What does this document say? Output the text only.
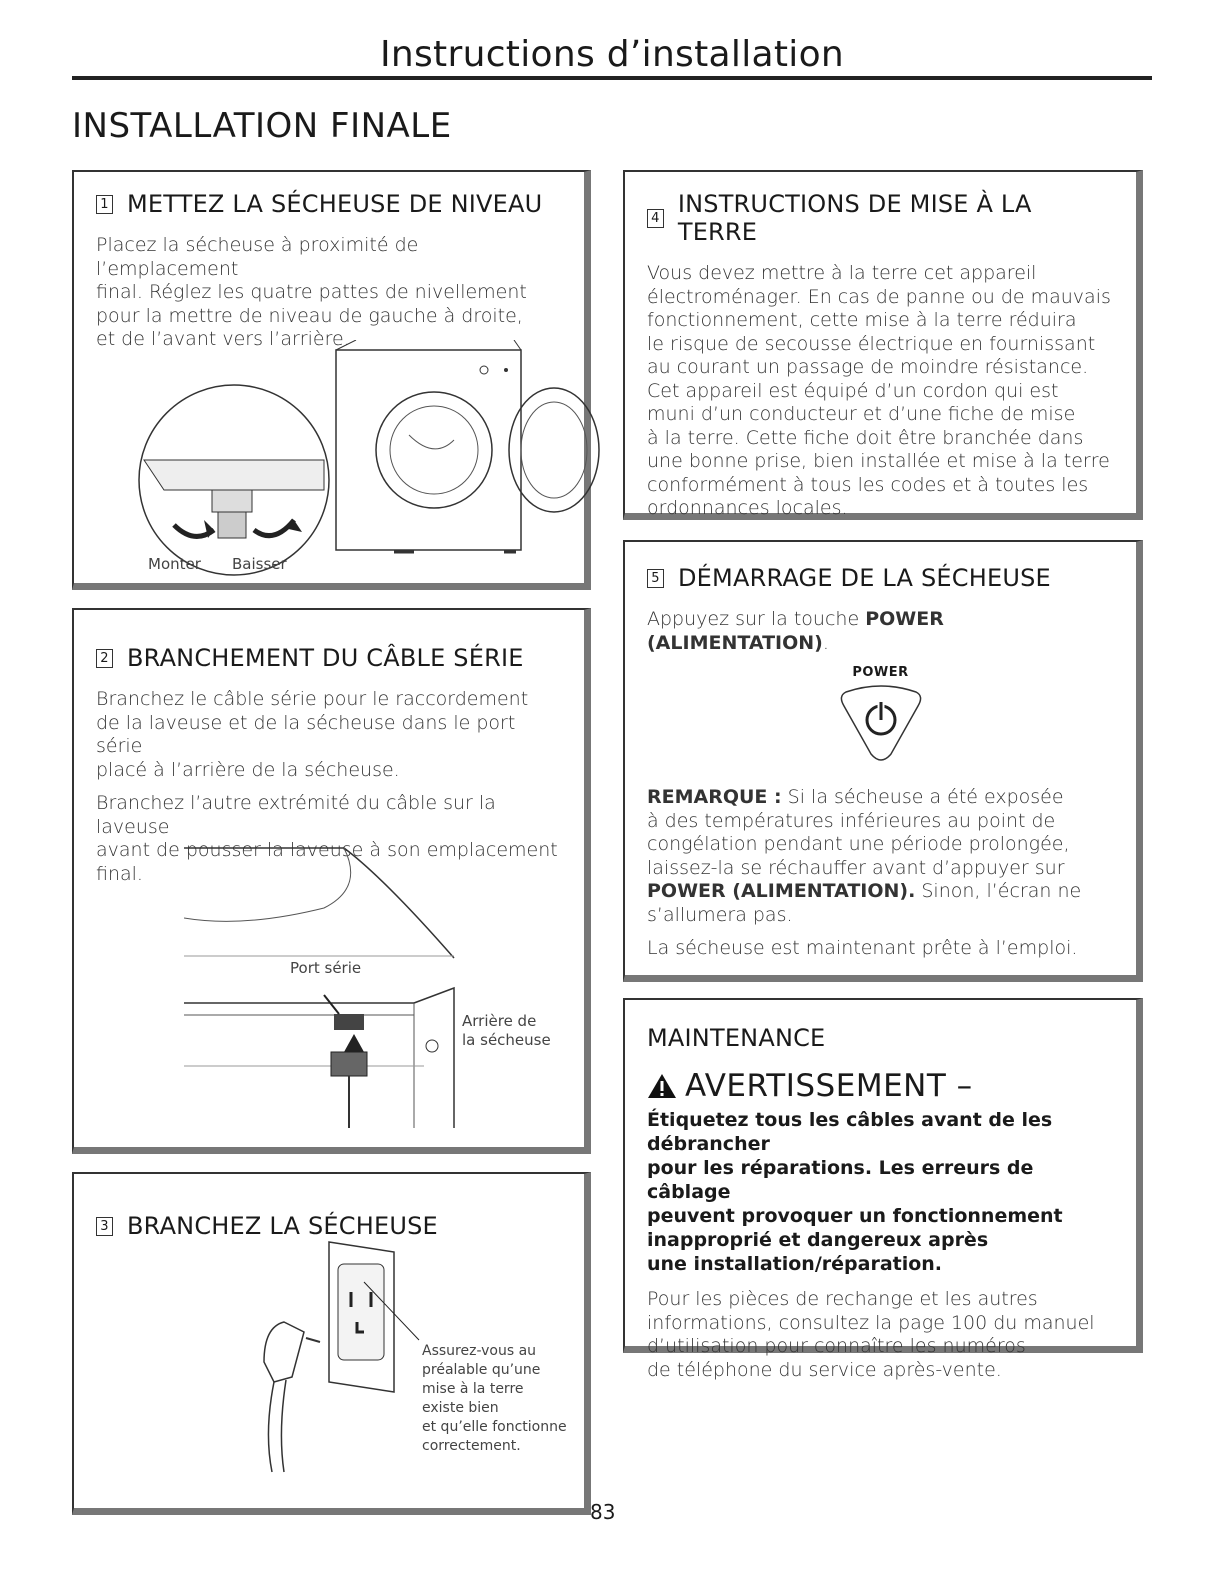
Instructions d’installation
INSTALLATION FINALE
1 METTEZ LA SÉCHEUSE DE NIVEAU

Placez la sécheuse à proximité de l’emplacement
final. Réglez les quatre pattes de nivellement
pour la mettre de niveau de gauche à droite,
et de l’avant vers l’arrière.

Monter Baisser
2 BRANCHEMENT DU CÂBLE SÉRIE

Branchez le câble série pour le raccordement
de la laveuse et de la sécheuse dans le port série
placé à l’arrière de la sécheuse.

Branchez l’autre extrémité du câble sur la laveuse
avant de pousser la laveuse à son emplacement
final.

Port série
Arrière de
la sécheuse
3 BRANCHEZ LA SÉCHEUSE
Assurez-vous au
préalable qu’une
mise à la terre
existe bien
et qu’elle fonctionne
correctement.
4 INSTRUCTIONS DE MISE À LA TERRE

Vous devez mettre à la terre cet appareil
électroménager. En cas de panne ou de mauvais
fonctionnement, cette mise à la terre réduira
le risque de secousse électrique en fournissant
au courant un passage de moindre résistance.
Cet appareil est équipé d’un cordon qui est
muni d’un conducteur et d’une fiche de mise
à la terre. Cette fiche doit être branchée dans
une bonne prise, bien installée et mise à la terre
conformément à tous les codes et à toutes les
ordonnances locales.

5 DÉMARRAGE DE LA SÉCHEUSE

Appuyez sur la touche POWER (ALIMENTATION).

POWER

REMARQUE : Si la sécheuse a été exposée
à des températures inférieures au point de
congélation pendant une période prolongée,
laissez-la se réchauffer avant d’appuyer sur
POWER (ALIMENTATION). Sinon, l’écran ne
s’allumera pas.

La sécheuse est maintenant prête à l’emploi.

MAINTENANCE
AVERTISSEMENT –

Étiquetez tous les câbles avant de les débrancher
pour les réparations. Les erreurs de câblage
peuvent provoquer un fonctionnement
inapproprié et dangereux après
une installation/réparation.

Pour les pièces de rechange et les autres
informations, consultez la page 100 du manuel
d’utilisation pour connaître les numéros
de téléphone du service après-vente.

83
